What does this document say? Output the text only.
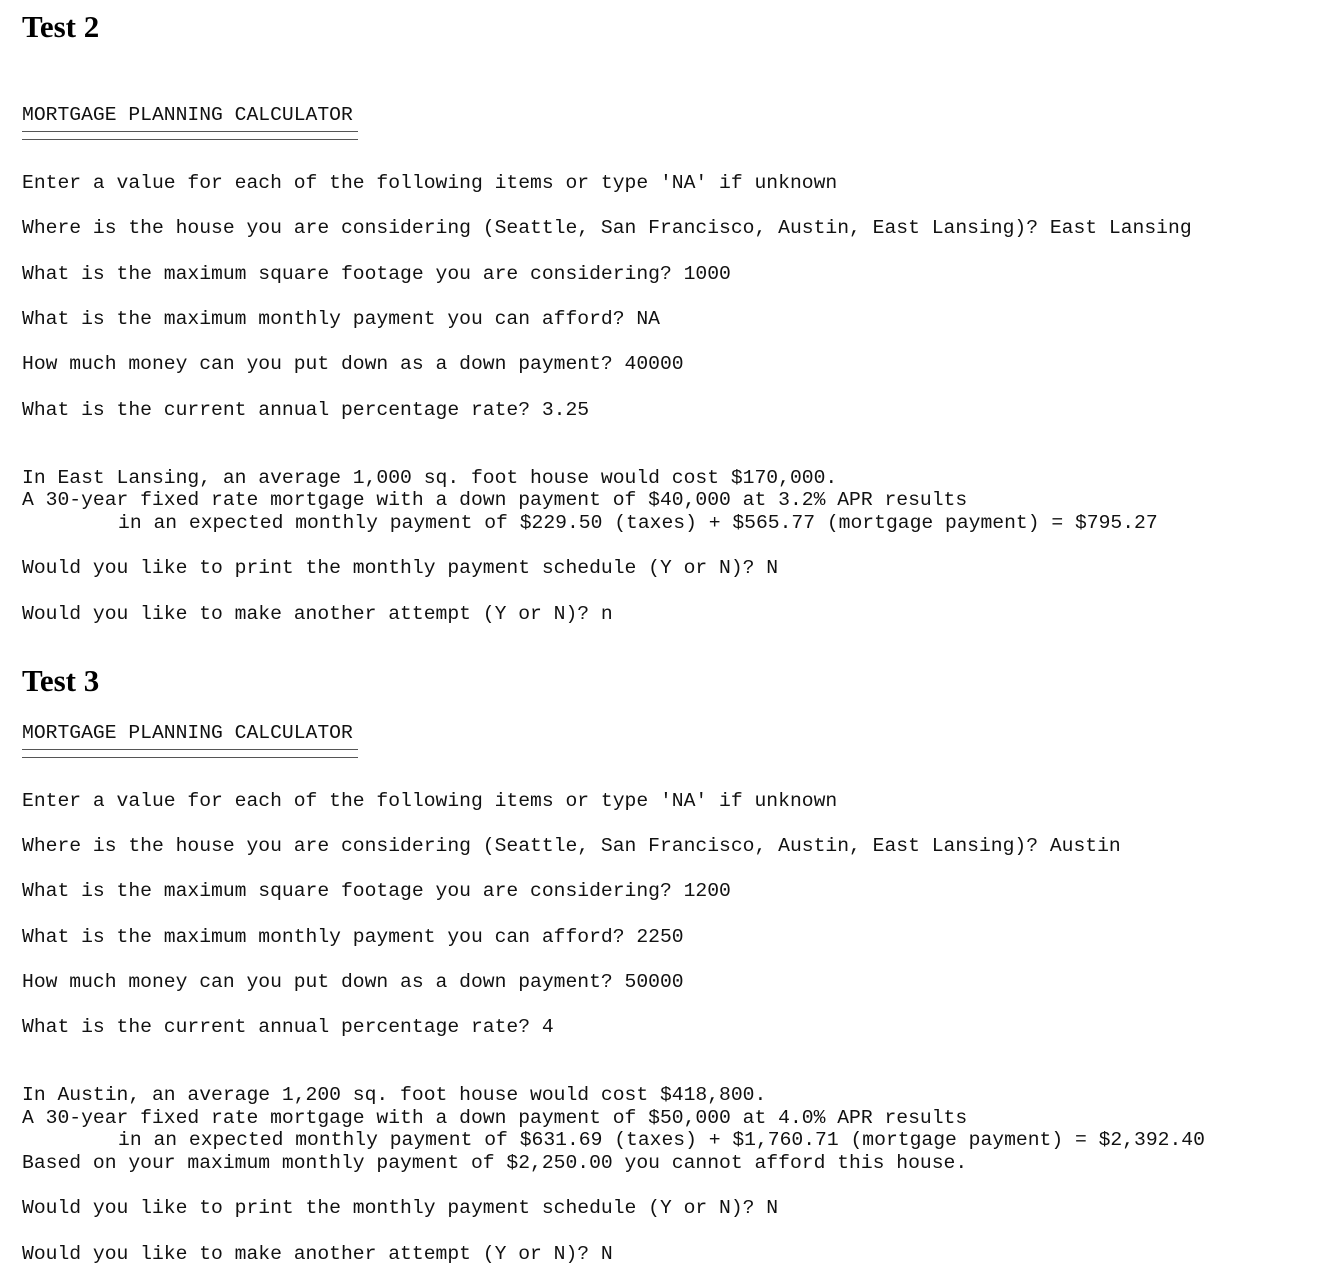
Test 2
MORTGAGE PLANNING CALCULATOR
Enter a value for each of the following items or type 'NA' if unknown
Where is the house you are considering (Seattle, San Francisco, Austin, East Lansing)? East Lansing
What is the maximum square footage you are considering? 1000
What is the maximum monthly payment you can afford? NA
How much money can you put down as a down payment? 40000
What is the current annual percentage rate? 3.25
In East Lansing, an average 1,000 sq. foot house would cost $170,000.
A 30-year fixed rate mortgage with a down payment of $40,000 at 3.2% APR results
in an expected monthly payment of $229.50 (taxes) + $565.77 (mortgage payment) = $795.27
Would you like to print the monthly payment schedule (Y or N)? N
Would you like to make another attempt (Y or N)? n
Test 3
MORTGAGE PLANNING CALCULATOR
Enter a value for each of the following items or type 'NA' if unknown
Where is the house you are considering (Seattle, San Francisco, Austin, East Lansing)? Austin
What is the maximum square footage you are considering? 1200
What is the maximum monthly payment you can afford? 2250
How much money can you put down as a down payment? 50000
What is the current annual percentage rate? 4
In Austin, an average 1,200 sq. foot house would cost $418,800.
A 30-year fixed rate mortgage with a down payment of $50,000 at 4.0% APR results
in an expected monthly payment of $631.69 (taxes) + $1,760.71 (mortgage payment) = $2,392.40
Based on your maximum monthly payment of $2,250.00 you cannot afford this house.
Would you like to print the monthly payment schedule (Y or N)? N
Would you like to make another attempt (Y or N)? N
